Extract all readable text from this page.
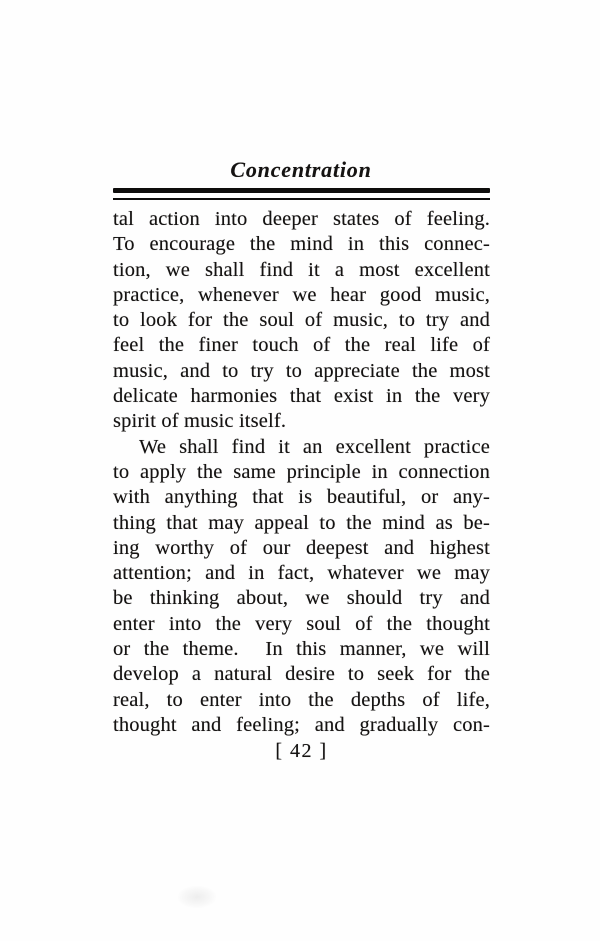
Concentration
tal action into deeper states of feeling.
To encourage the mind in this connec-
tion, we shall find it a most excellent
practice, whenever we hear good music,
to look for the soul of music, to try and
feel the finer touch of the real life of
music, and to try to appreciate the most
delicate harmonies that exist in the very
spirit of music itself.
We shall find it an excellent practice
to apply the same principle in connection
with anything that is beautiful, or any-
thing that may appeal to the mind as be-
ing worthy of our deepest and highest
attention; and in fact, whatever we may
be thinking about, we should try and
enter into the very soul of the thought
or the theme.  In this manner, we will
develop a natural desire to seek for the
real, to enter into the depths of life,
thought and feeling; and gradually con-
[ 42 ]
